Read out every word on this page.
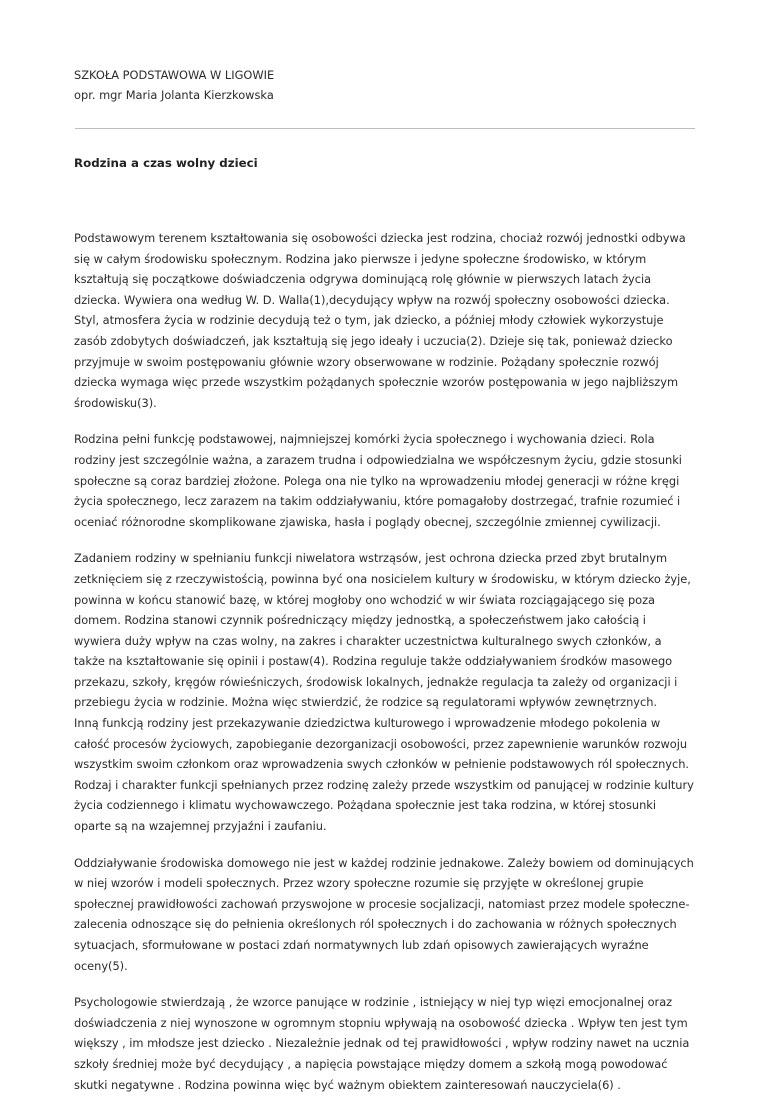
SZKOŁA PODSTAWOWA W LIGOWIE

opr. mgr Maria Jolanta Kierzkowska

Rodzina a czas wolny dzieci

Podstawowym terenem kształtowania się osobowości dziecka jest rodzina, chociaż rozwój jednostki odbywa się w całym środowisku społecznym. Rodzina jako pierwsze i jedyne społeczne środowisko, w którym kształtują się początkowe doświadczenia odgrywa dominującą rolę głównie w pierwszych latach życia dziecka. Wywiera ona według W. D. Walla(1),decydujący wpływ na rozwój społeczny osobowości dziecka. Styl, atmosfera życia w rodzinie decydują też o tym, jak dziecko, a później młody człowiek wykorzystuje zasób zdobytych doświadczeń, jak kształtują się jego ideały i uczucia(2). Dzieje się tak, ponieważ dziecko przyjmuje w swoim postępowaniu głównie wzory obserwowane w rodzinie. Pożądany społecznie rozwój dziecka wymaga więc przede wszystkim pożądanych społecznie wzorów postępowania w jego najbliższym środowisku(3).

Rodzina pełni funkcję podstawowej, najmniejszej komórki życia społecznego i wychowania dzieci. Rola rodziny jest szczególnie ważna, a zarazem trudna i odpowiedzialna we współczesnym życiu, gdzie stosunki społeczne są coraz bardziej złożone. Polega ona nie tylko na wprowadzeniu młodej generacji w różne kręgi życia społecznego, lecz zarazem na takim oddziaływaniu, które pomagałoby dostrzegać, trafnie rozumieć i oceniać różnorodne skomplikowane zjawiska, hasła i poglądy obecnej, szczególnie zmiennej cywilizacji.

Zadaniem rodziny w spełnianiu funkcji niwelatora wstrząsów, jest ochrona dziecka przed zbyt brutalnym zetknięciem się z rzeczywistością, powinna być ona nosicielem kultury w środowisku, w którym dziecko żyje, powinna w końcu stanowić bazę, w której mogłoby ono wchodzić w wir świata rozciągającego się poza domem. Rodzina stanowi czynnik pośredniczący między jednostką, a społeczeństwem jako całością i wywiera duży wpływ na czas wolny, na zakres i charakter uczestnictwa kulturalnego swych członków, a także na kształtowanie się opinii i postaw(4). Rodzina reguluje także oddziaływaniem środków masowego przekazu, szkoły, kręgów rówieśniczych, środowisk lokalnych, jednakże regulacja ta zależy od organizacji i przebiegu życia w rodzinie. Można więc stwierdzić, że rodzice są regulatorami wpływów zewnętrznych.

Inną funkcją rodziny jest przekazywanie dziedzictwa kulturowego i wprowadzenie młodego pokolenia w całość procesów życiowych, zapobieganie dezorganizacji osobowości, przez zapewnienie warunków rozwoju wszystkim swoim członkom oraz wprowadzenia swych członków w pełnienie podstawowych ról społecznych.

Rodzaj i charakter funkcji spełnianych przez rodzinę zależy przede wszystkim od panującej w rodzinie kultury życia codziennego i klimatu wychowawczego. Pożądana społecznie jest taka rodzina, w której stosunki oparte są na wzajemnej przyjaźni i zaufaniu.

Oddziaływanie środowiska domowego nie jest w każdej rodzinie jednakowe. Zależy bowiem od dominujących w niej wzorów i modeli społecznych. Przez wzory społeczne rozumie się przyjęte w określonej grupie społecznej prawidłowości zachowań przyswojone w procesie socjalizacji, natomiast przez modele społeczne-zalecenia odnoszące się do pełnienia określonych ról społecznych i do zachowania w różnych społecznych sytuacjach, sformułowane w postaci zdań normatywnych lub zdań opisowych zawierających wyraźne oceny(5).

Psychologowie stwierdzają , że wzorce panujące w rodzinie , istniejący w niej typ więzi emocjonalnej oraz doświadczenia z niej wynoszone w ogromnym stopniu wpływają na osobowość dziecka . Wpływ ten jest tym większy , im młodsze jest dziecko . Niezależnie jednak od tej prawidłowości , wpływ rodziny nawet na ucznia szkoły średniej może być decydujący , a napięcia powstające między domem a szkołą mogą powodować skutki negatywne . Rodzina powinna więc być ważnym obiektem zainteresowań nauczyciela(6) .
